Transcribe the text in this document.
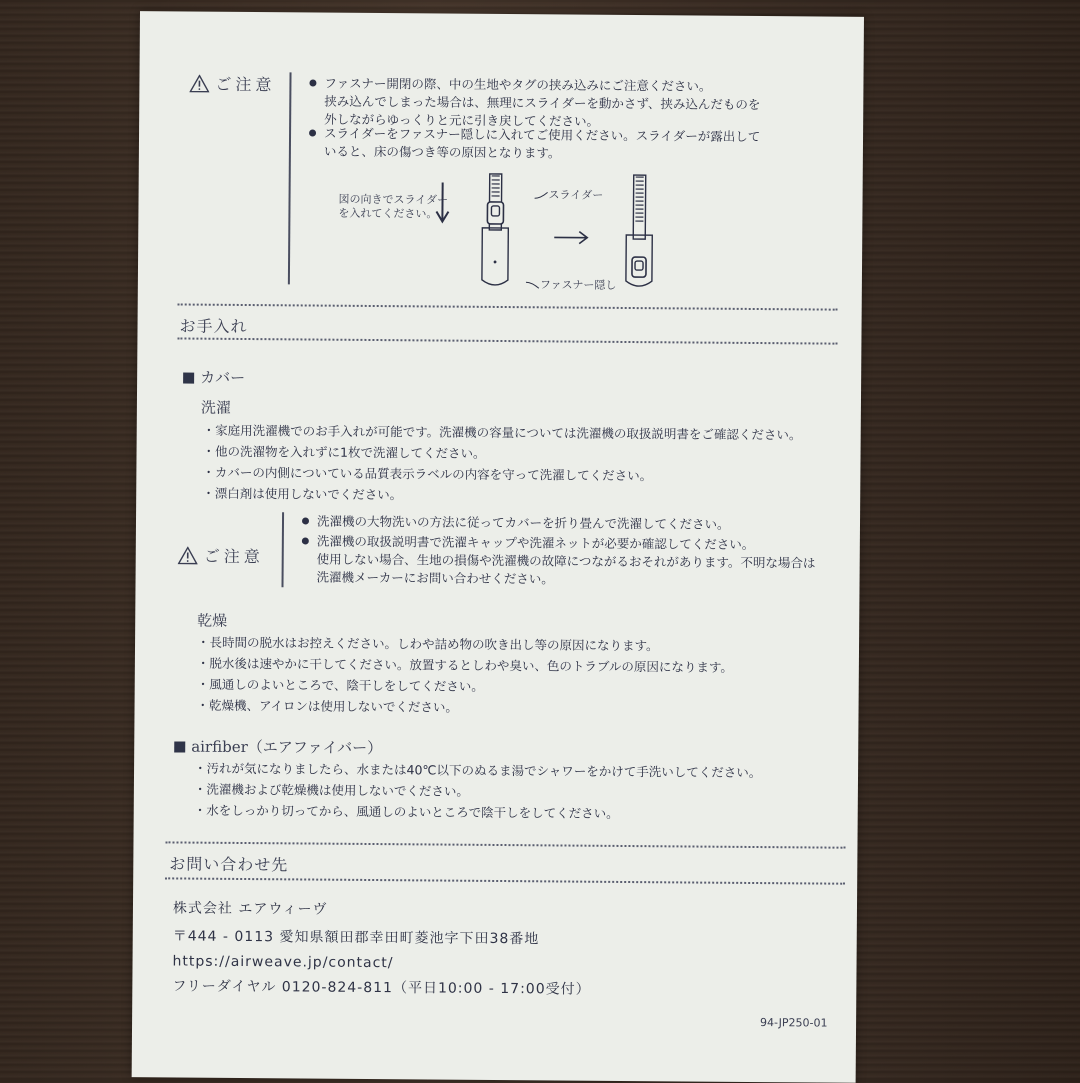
ご注意	ファスナー開閉の際、中の生地やタグの挟み込みにご注意ください。
挟み込んでしまった場合は、無理にスライダーを動かさず、挟み込んだものを
外しながらゆっくりと元に引き戻してください。
スライダーをファスナー隠しに入れてご使用ください。スライダーが露出して
いると、床の傷つき等の原因となります。
図の向きでスライダー
を入れてください。
スライダー
ファスナー隠し
お手入れ
カバー
洗濯
・家庭用洗濯機でのお手入れが可能です。洗濯機の容量については洗濯機の取扱説明書をご確認ください。
・他の洗濯物を入れずに1枚で洗濯してください。
・カバーの内側についている品質表示ラベルの内容を守って洗濯してください。
・漂白剤は使用しないでください。
ご注意
洗濯機の大物洗いの方法に従ってカバーを折り畳んで洗濯してください。
洗濯機の取扱説明書で洗濯キャップや洗濯ネットが必要か確認してください。
使用しない場合、生地の損傷や洗濯機の故障につながるおそれがあります。不明な場合は
洗濯機メーカーにお問い合わせください。
乾燥
・長時間の脱水はお控えください。しわや詰め物の吹き出し等の原因になります。
・脱水後は速やかに干してください。放置するとしわや臭い、色のトラブルの原因になります。
・風通しのよいところで、陰干しをしてください。
・乾燥機、アイロンは使用しないでください。
airfiber（エアファイバー）
・汚れが気になりましたら、水または40℃以下のぬるま湯でシャワーをかけて手洗いしてください。
・洗濯機および乾燥機は使用しないでください。
・水をしっかり切ってから、風通しのよいところで陰干しをしてください。
お問い合わせ先
株式会社 エアウィーヴ
〒444 - 0113 愛知県額田郡幸田町菱池字下田38番地
https://airweave.jp/contact/
フリーダイヤル 0120-824-811（平日10:00 - 17:00受付）
94-JP250-01
